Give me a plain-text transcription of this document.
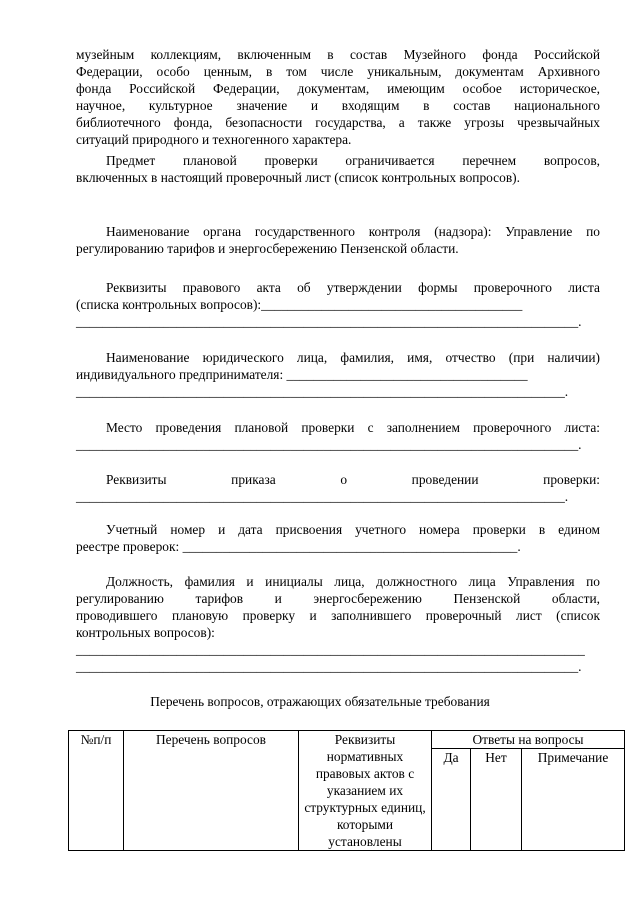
музейным коллекциям, включенным в состав Музейного фонда Российской
Федерации, особо ценным, в том числе уникальным, документам Архивного
фонда Российской Федерации, документам, имеющим особое историческое,
научное, культурное значение и входящим в состав национального
библиотечного фонда, безопасности государства, а также угрозы чрезвычайных
ситуаций природного и техногенного характера.
Предмет плановой проверки ограничивается перечнем вопросов,
включенных в настоящий проверочный лист (список контрольных вопросов).
Наименование органа государственного контроля (надзора): Управление по
регулированию тарифов и энергосбережению Пензенской области.
Реквизиты правового акта об утверждении формы проверочного листа
(списка контрольных вопросов):_______________________________________
___________________________________________________________________________.
Наименование юридического лица, фамилия, имя, отчество (при наличии)
индивидуального предпринимателя: ____________________________________
_________________________________________________________________________.
Место проведения плановой проверки с заполнением проверочного листа:
___________________________________________________________________________.
Реквизиты приказа о проведении проверки:
_________________________________________________________________________.
Учетный номер и дата присвоения учетного номера проверки в едином
реестре проверок: __________________________________________________.
Должность, фамилия и инициалы лица, должностного лица Управления по
регулированию тарифов и энергосбережению Пензенской области,
проводившего плановую проверку и заполнившего проверочный лист (список
контрольных вопросов):
____________________________________________________________________________
___________________________________________________________________________.
Перечень вопросов, отражающих обязательные требования
№п/п	Перечень вопросов	Реквизиты нормативных правовых актов с указанием их структурных единиц, которыми установлены	Ответы на вопросы		
			Да	Нет	Примечание
